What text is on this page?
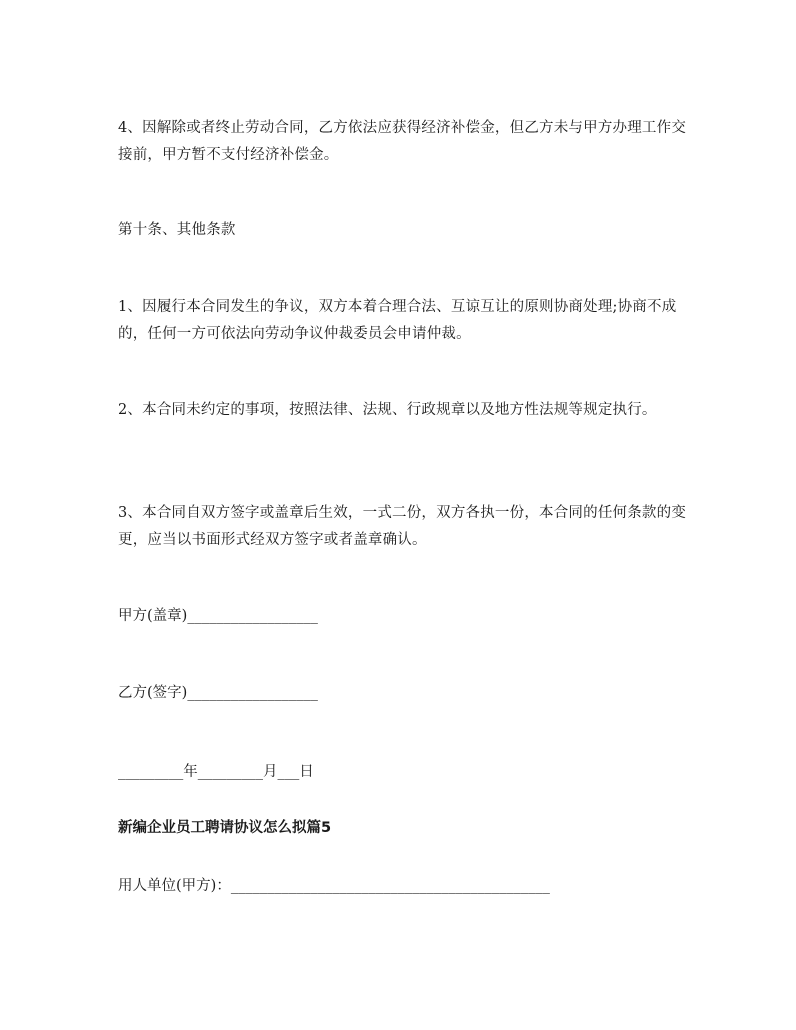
4、因解除或者终止劳动合同，乙方依法应获得经济补偿金，但乙方未与甲方办理工作交接前，甲方暂不支付经济补偿金。

第十条、其他条款

1、因履行本合同发生的争议，双方本着合理合法、互谅互让的原则协商处理;协商不成的，任何一方可依法向劳动争议仲裁委员会申请仲裁。

2、本合同未约定的事项，按照法律、法规、行政规章以及地方性法规等规定执行。

3、本合同自双方签字或盖章后生效，一式二份，双方各执一份，本合同的任何条款的变更，应当以书面形式经双方签字或者盖章确认。

甲方(盖章)__________________

乙方(签字)__________________

_________年_________月___日

新编企业员工聘请协议怎么拟篇5

用人单位(甲方)：____________________________________________
